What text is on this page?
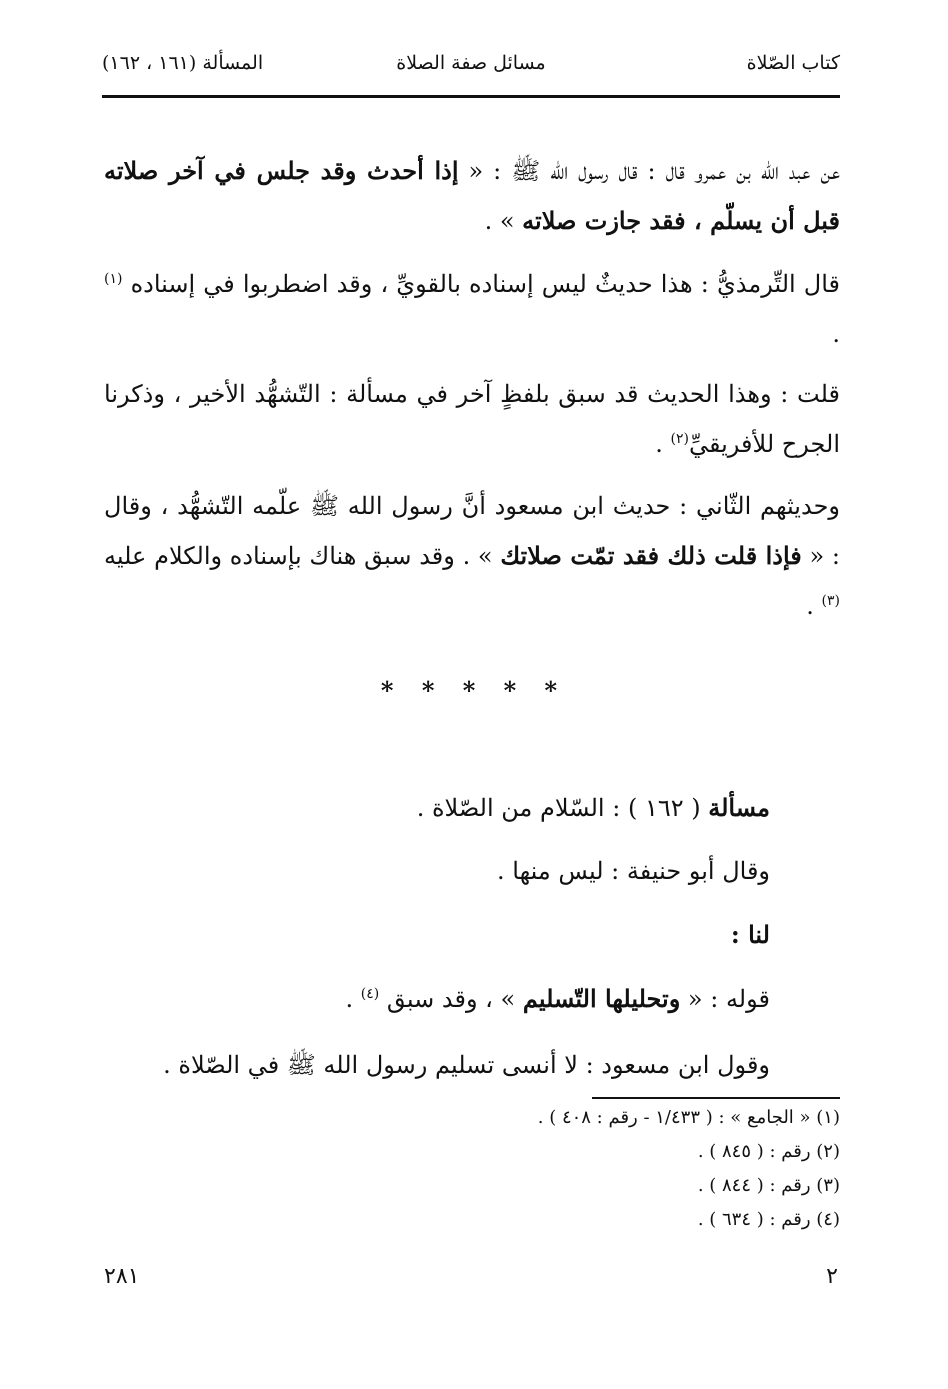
كتاب الصّلاة
مسائل صفة الصلاة
المسألة (١٦١ ، ١٦٢)
عن عبد الله بن عمرو قال : قال رسول الله ﷺ : « إذا أحدث وقد جلس في آخر صلاته قبل أن يسلّم ، فقد جازت صلاته » .
قال التِّرمذيُّ : هذا حديثٌ ليس إسناده بالقويِّ ، وقد اضطربوا في إسناده $^{(١)}$ .
قلت : وهذا الحديث قد سبق بلفظٍ آخر في مسألة : التّشهُّد الأخير ، وذكرنا الجرح للأفريقيِّ$^{(٢)}$ .
وحديثهم الثّاني : حديث ابن مسعود أنَّ رسول الله ﷺ علّمه التّشهُّد ، وقال : « فإذا قلت ذلك فقد تمّت صلاتك » . وقد سبق هناك بإسناده والكلام عليه $^{(٣)}$ .
* * * * *
مسألة ( ١٦٢ ) : السّلام من الصّلاة .
وقال أبو حنيفة : ليس منها .
لنا :
قوله : « وتحليلها التّسليم » ، وقد سبق $^{(٤)}$ .
وقول ابن مسعود : لا أنسى تسليم رسول الله ﷺ في الصّلاة .
(١) « الجامع » : ( ١/٤٣٣ - رقم : ٤٠٨ ) .
(٢) رقم : ( ٨٤٥ ) .
(٣) رقم : ( ٨٤٤ ) .
(٤) رقم : ( ٦٣٤ ) .
٢
٢٨١
